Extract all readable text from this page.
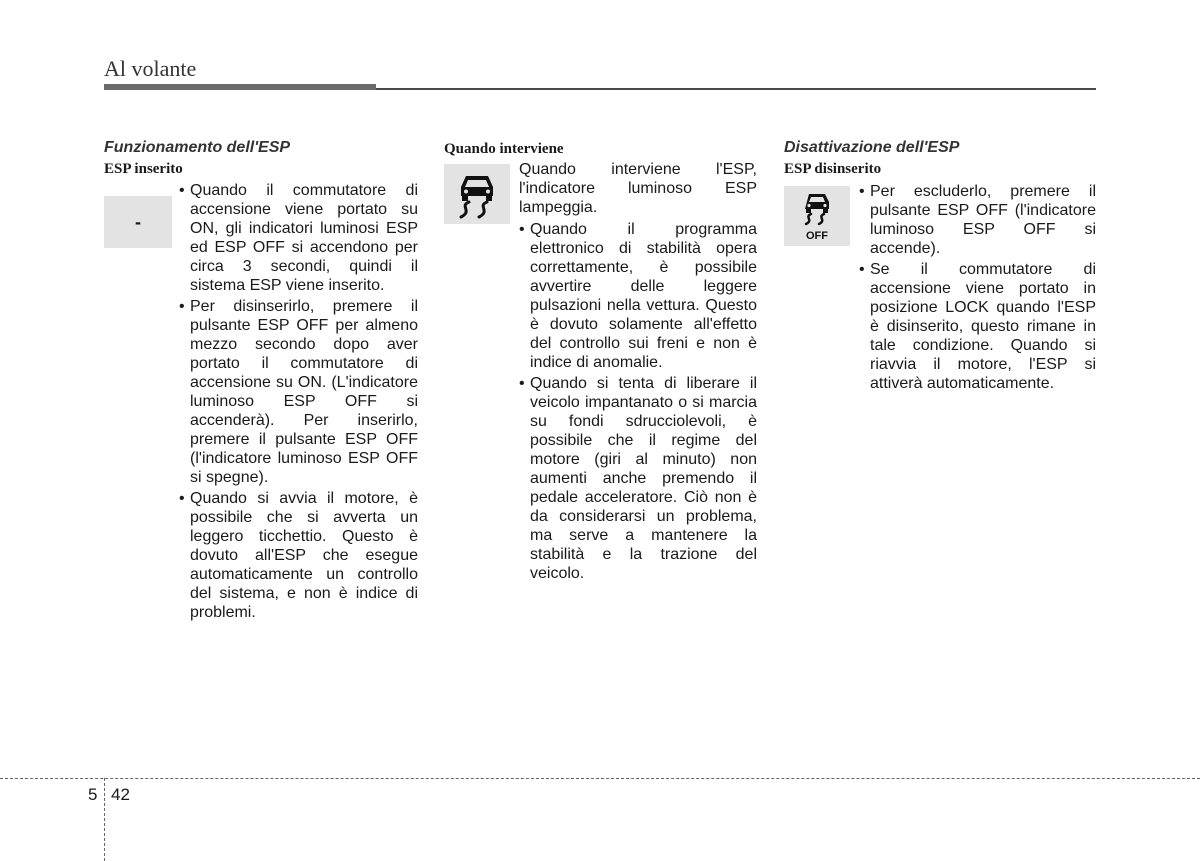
Al volante
Funzionamento dell'ESP
ESP inserito
-
• Quando il commutatore di accensione viene portato su ON, gli indicatori luminosi ESP ed ESP OFF si accendono per circa 3 secondi, quindi il sistema ESP viene inserito.
• Per disinserirlo, premere il pulsante ESP OFF per almeno mezzo secondo dopo aver portato il commutatore di accensione su ON. (L'indicatore luminoso ESP OFF si accenderà). Per inserirlo, premere il pulsante ESP OFF (l'indicatore luminoso ESP OFF si spegne).
• Quando si avvia il motore, è possibile che si avverta un leggero ticchettio. Questo è dovuto all'ESP che esegue automaticamente un controllo del sistema, e non è indice di problemi.
Quando interviene
Quando interviene l'ESP, l'indicatore luminoso ESP lampeggia.
• Quando il programma elettronico di stabilità opera correttamente, è possibile avvertire delle leggere pulsazioni nella vettura. Questo è dovuto solamente all'effetto del controllo sui freni e non è indice di anomalie.
• Quando si tenta di liberare il veicolo impantanato o si marcia su fondi sdrucciolevoli, è possibile che il regime del motore (giri al minuto) non aumenti anche premendo il pedale acceleratore. Ciò non è da considerarsi un problema, ma serve a mantenere la stabilità e la trazione del veicolo.
Disattivazione dell'ESP
ESP disinserito
OFF
• Per escluderlo, premere il pulsante ESP OFF (l'indicatore luminoso ESP OFF si accende).
• Se il commutatore di accensione viene portato in posizione LOCK quando l'ESP è disinserito, questo rimane in tale condizione. Quando si riavvia il motore, l'ESP si attiverà automaticamente.
5 42
